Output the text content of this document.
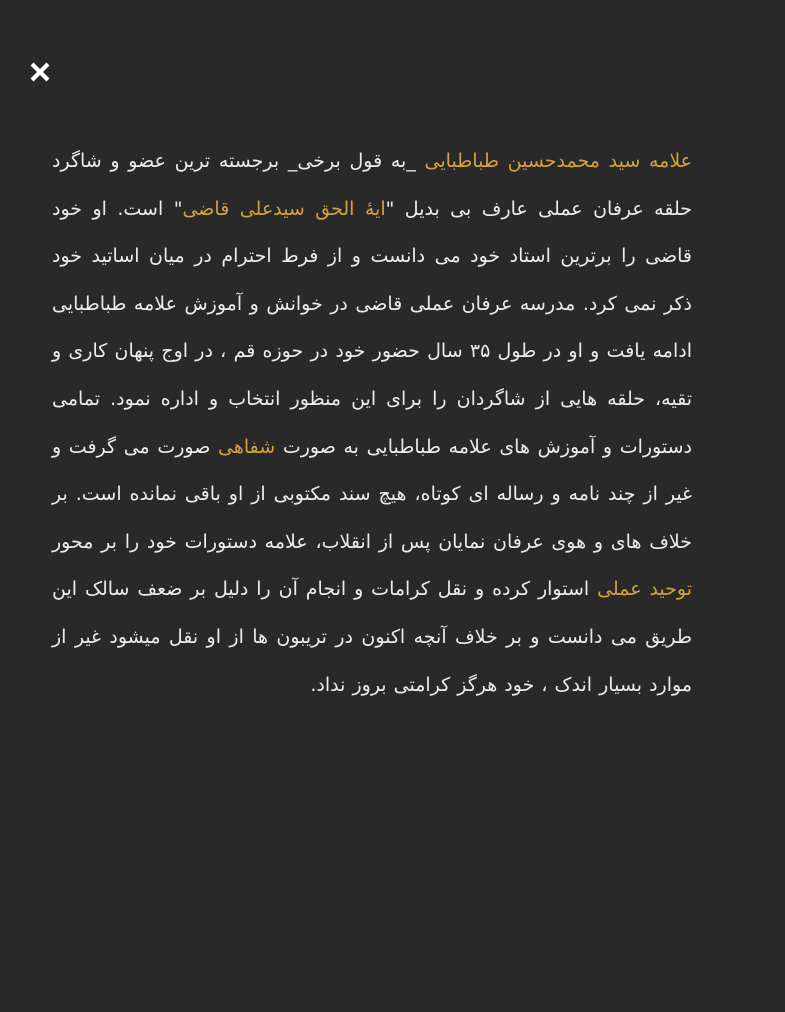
علامه سید محمدحسین طباطبایی _به قول برخی_ برجسته ترین عضو و شاگرد حلقه عرفان عملی عارف بی بدیل "ایۀ الحق سیدعلی قاضی" است. او خود قاضی را برترین استاد خود می دانست و از فرط احترام در میان اساتید خود ذکر نمی کرد. مدرسه عرفان عملی قاضی در خوانش و آموزش علامه طباطبایی ادامه یافت و او در طول ۳۵ سال حضور خود در حوزه قم ، در اوج پنهان کاری و تقیه، حلقه هایی از شاگردان را برای این منظور انتخاب و اداره نمود. تمامی دستورات و آموزش های علامه طباطبایی به صورت شفاهی صورت می گرفت و غیر از چند نامه و رساله ای کوتاه، هیچ سند مکتوبی از او باقی نمانده است. بر خلاف های و هوی عرفان نمایان پس از انقلاب، علامه دستورات خود را بر محور توحید عملی استوار کرده و نقل کرامات و انجام آن را دلیل بر ضعف سالک این طریق می دانست و بر خلاف آنچه اکنون در تریبون ها از او نقل میشود غیر از موارد بسیار اندک ، خود هرگز کرامتی بروز نداد.
